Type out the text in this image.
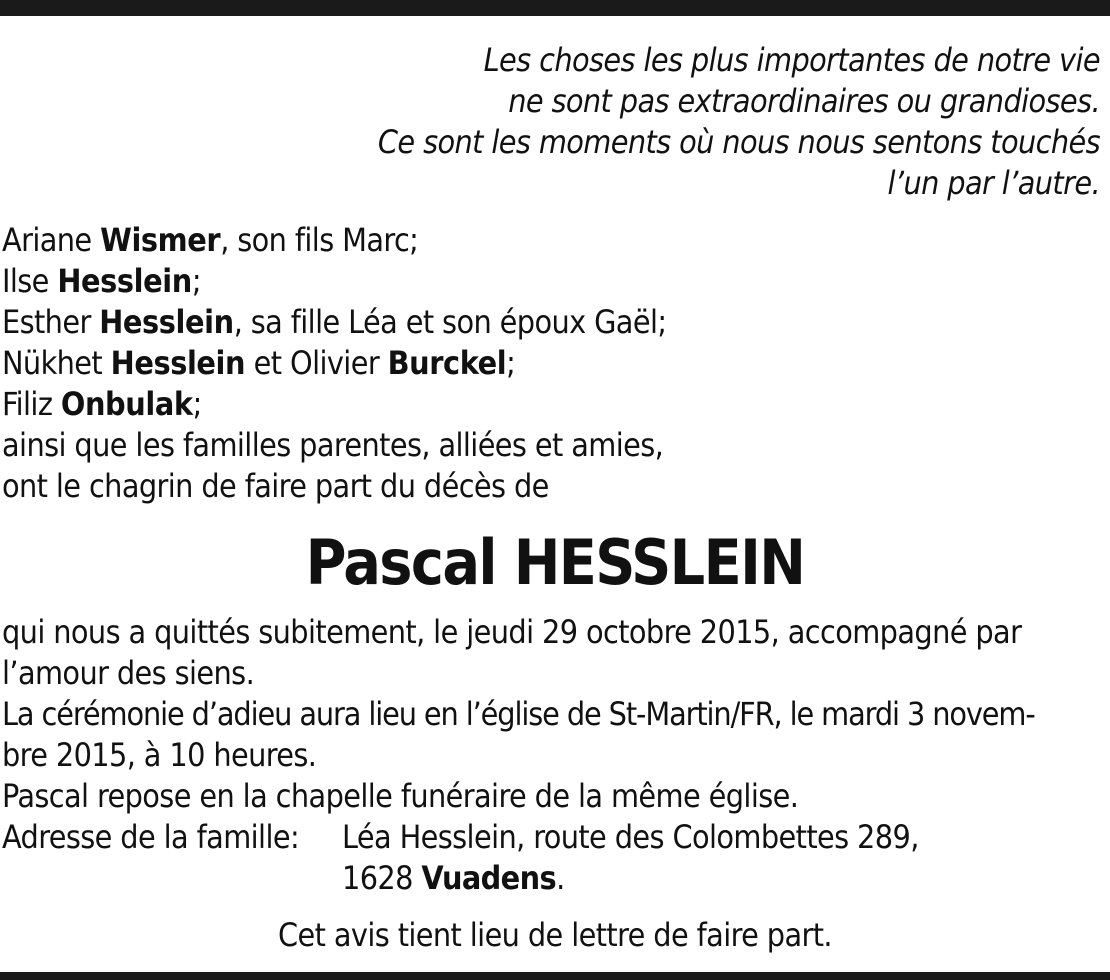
Les choses les plus importantes de notre vie
ne sont pas extraordinaires ou grandioses.
Ce sont les moments où nous nous sentons touchés
l’un par l’autre.
Ariane Wismer, son fils Marc;
Ilse Hesslein;
Esther Hesslein, sa fille Léa et son époux Gaël;
Nükhet Hesslein et Olivier Burckel;
Filiz Onbulak;
ainsi que les familles parentes, alliées et amies,
ont le chagrin de faire part du décès de
Pascal HESSLEIN
qui nous a quittés subitement, le jeudi 29 octobre 2015, accompagné par
l’amour des siens.
La cérémonie d’adieu aura lieu en l’église de St-Martin/FR, le mardi 3 novem-
bre 2015, à 10 heures.
Pascal repose en la chapelle funéraire de la même église.
Adresse de la famille: Léa Hesslein, route des Colombettes 289,
1628 Vuadens.
Cet avis tient lieu de lettre de faire part.
